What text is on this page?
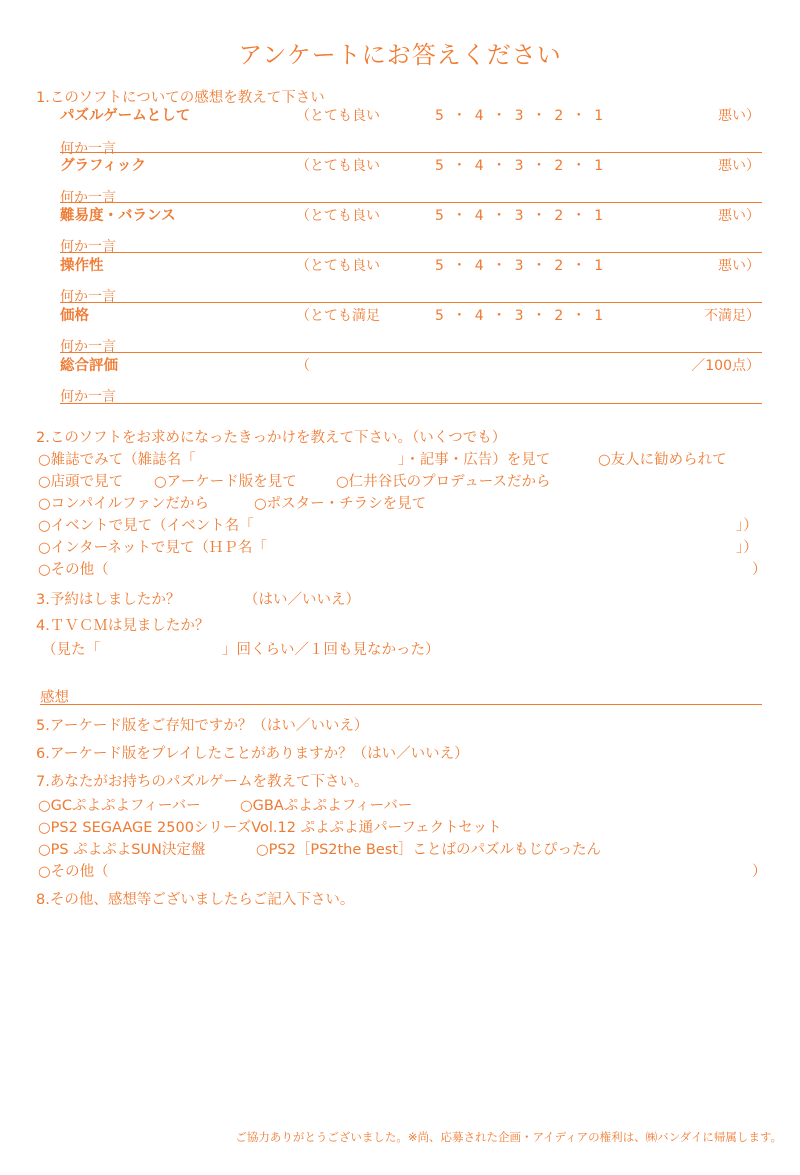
アンケートにお答えください
1.このソフトについての感想を教えて下さい
パズルゲームとして	（とても良い	5 ・ 4 ・ 3 ・ 2 ・ 1	悪い）
何か一言
グラフィック	（とても良い	5 ・ 4 ・ 3 ・ 2 ・ 1	悪い）
何か一言
難易度・バランス	（とても良い	5 ・ 4 ・ 3 ・ 2 ・ 1	悪い）
何か一言
操作性	（とても良い	5 ・ 4 ・ 3 ・ 2 ・ 1	悪い）
何か一言
価格	（とても満足	5 ・ 4 ・ 3 ・ 2 ・ 1	不満足）
何か一言
総合評価	（	／100点）
何か一言
2.このソフトをお求めになったきっかけを教えて下さい。（いくつでも）
○雑誌でみて（雑誌名「	」・記事・広告）を見て	○友人に勧められて
○店頭で見て ○アーケード版を見て	○仁井谷氏のプロデュースだから
○コンパイルファンだから	○ポスター・チラシを見て
○イベントで見て（イベント名「	」）
○インターネットで見て（ＨＰ名「	」）
○その他（	）
3.予約はしましたか？	（はい／いいえ）
4.ＴＶＣＭは見ましたか？
（見た「	」回くらい／１回も見なかった）
感想
5.アーケード版をご存知ですか？（はい／いいえ）
6.アーケード版をプレイしたことがありますか？（はい／いいえ）
7.あなたがお持ちのパズルゲームを教えて下さい。
○GCぷよぷよフィーバー	○GBAぷよぷよフィーバー
○PS2 SEGAAGE 2500シリーズVol.12 ぷよぷよ通パーフェクトセット
○PS ぷよぷよSUN決定盤	○PS2［PS2the Best］ことばのパズルもじぴったん
○その他（	）
8.その他、感想等ございましたらご記入下さい。
ご協力ありがとうございました。※尚、応募された企画・アイディアの権利は、㈱バンダイに帰属します。
